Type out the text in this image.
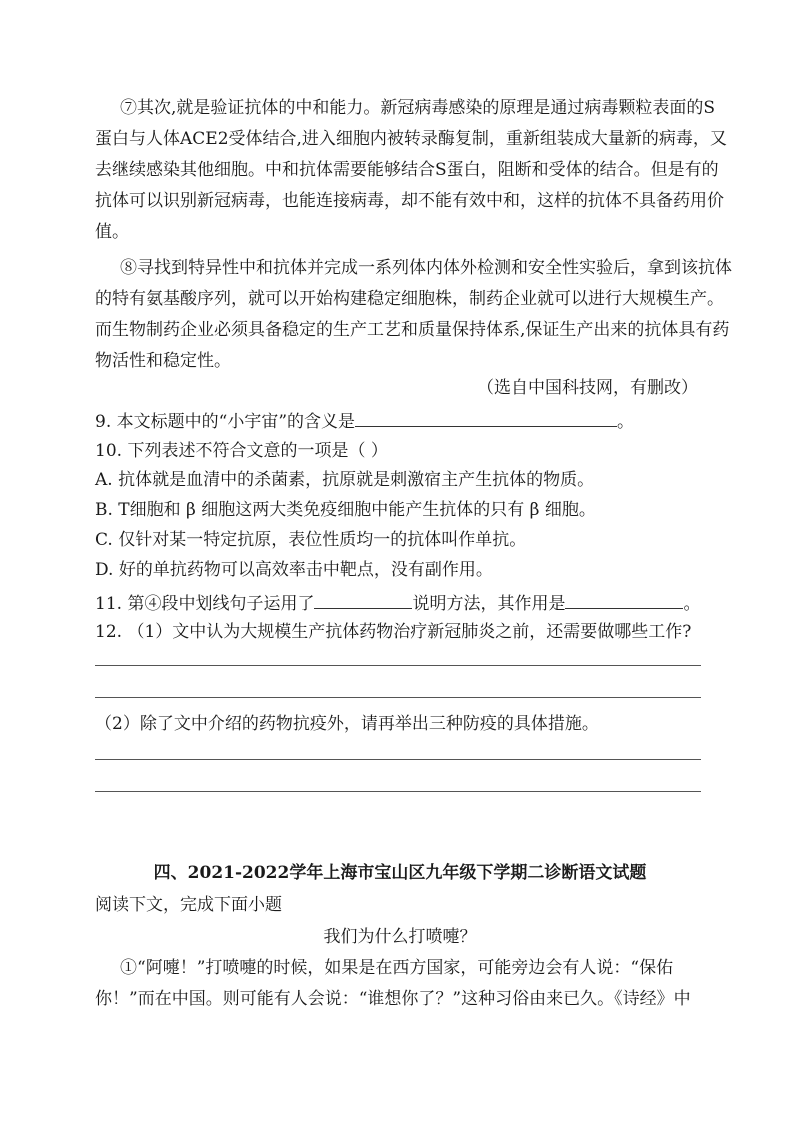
⑦其次,就是验证抗体的中和能力。新冠病毒感染的原理是通过病毒颗粒表面的S
蛋白与人体ACE2受体结合,进入细胞内被转录酶复制，重新组装成大量新的病毒，又
去继续感染其他细胞。中和抗体需要能够结合S蛋白，阻断和受体的结合。但是有的
抗体可以识别新冠病毒，也能连接病毒，却不能有效中和，这样的抗体不具备药用价
值。
⑧寻找到特异性中和抗体并完成一系列体内体外检测和安全性实验后，拿到该抗体
的特有氨基酸序列，就可以开始构建稳定细胞株，制药企业就可以进行大规模生产。
而生物制药企业必须具备稳定的生产工艺和质量保持体系,保证生产出来的抗体具有药
物活性和稳定性。
（选自中国科技网，有删改）
9. 本文标题中的“小宇宙”的含义是	。
10. 下列表述不符合文意的一项是（ ）
A. 抗体就是血清中的杀菌素，抗原就是刺激宿主产生抗体的物质。
B. T细胞和 β 细胞这两大类免疫细胞中能产生抗体的只有 β 细胞。
C. 仅针对某一特定抗原，表位性质均一的抗体叫作单抗。
D. 好的单抗药物可以高效率击中靶点，没有副作用。
11. 第④段中划线句子运用了	说明方法，其作用是	。
12. （1）文中认为大规模生产抗体药物治疗新冠肺炎之前，还需要做哪些工作?
（2）除了文中介绍的药物抗疫外，请再举出三种防疫的具体措施。
四、2021-2022学年上海市宝山区九年级下学期二诊断语文试题
阅读下文，完成下面小题
我们为什么打喷嚏？
①“阿嚏！”打喷嚏的时候，如果是在西方国家，可能旁边会有人说：“保佑
你！”而在中国。则可能有人会说：“谁想你了？”这种习俗由来已久。《诗经》中
